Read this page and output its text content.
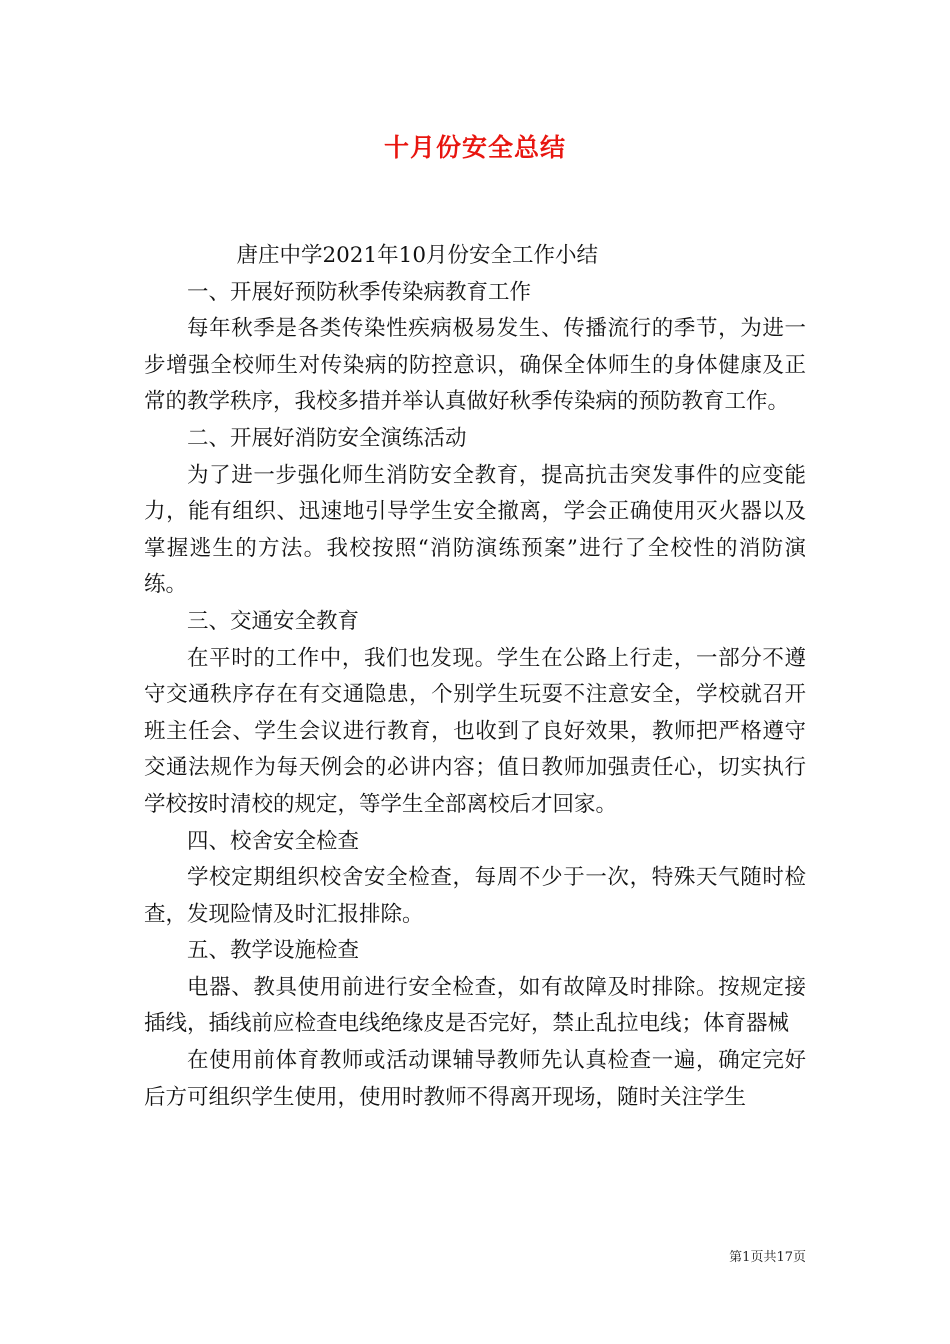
十月份安全总结

唐庄中学2021年10月份安全工作小结

一、开展好预防秋季传染病教育工作

每年秋季是各类传染性疾病极易发生、传播流行的季节，为进一步增强全校师生对传染病的防控意识，确保全体师生的身体健康及正常的教学秩序，我校多措并举认真做好秋季传染病的预防教育工作。

二、开展好消防安全演练活动

为了进一步强化师生消防安全教育，提高抗击突发事件的应变能力，能有组织、迅速地引导学生安全撤离，学会正确使用灭火器以及掌握逃生的方法。我校按照“消防演练预案”进行了全校性的消防演练。

三、交通安全教育

在平时的工作中，我们也发现。学生在公路上行走，一部分不遵守交通秩序存在有交通隐患，个别学生玩耍不注意安全，学校就召开班主任会、学生会议进行教育，也收到了良好效果，教师把严格遵守交通法规作为每天例会的必讲内容；值日教师加强责任心，切实执行学校按时清校的规定，等学生全部离校后才回家。

四、校舍安全检查

学校定期组织校舍安全检查，每周不少于一次，特殊天气随时检查，发现险情及时汇报排除。

五、教学设施检查

电器、教具使用前进行安全检查，如有故障及时排除。按规定接插线，插线前应检查电线绝缘皮是否完好，禁止乱拉电线；体育器械

在使用前体育教师或活动课辅导教师先认真检查一遍，确定完好后方可组织学生使用，使用时教师不得离开现场，随时关注学生

第1页共17页
